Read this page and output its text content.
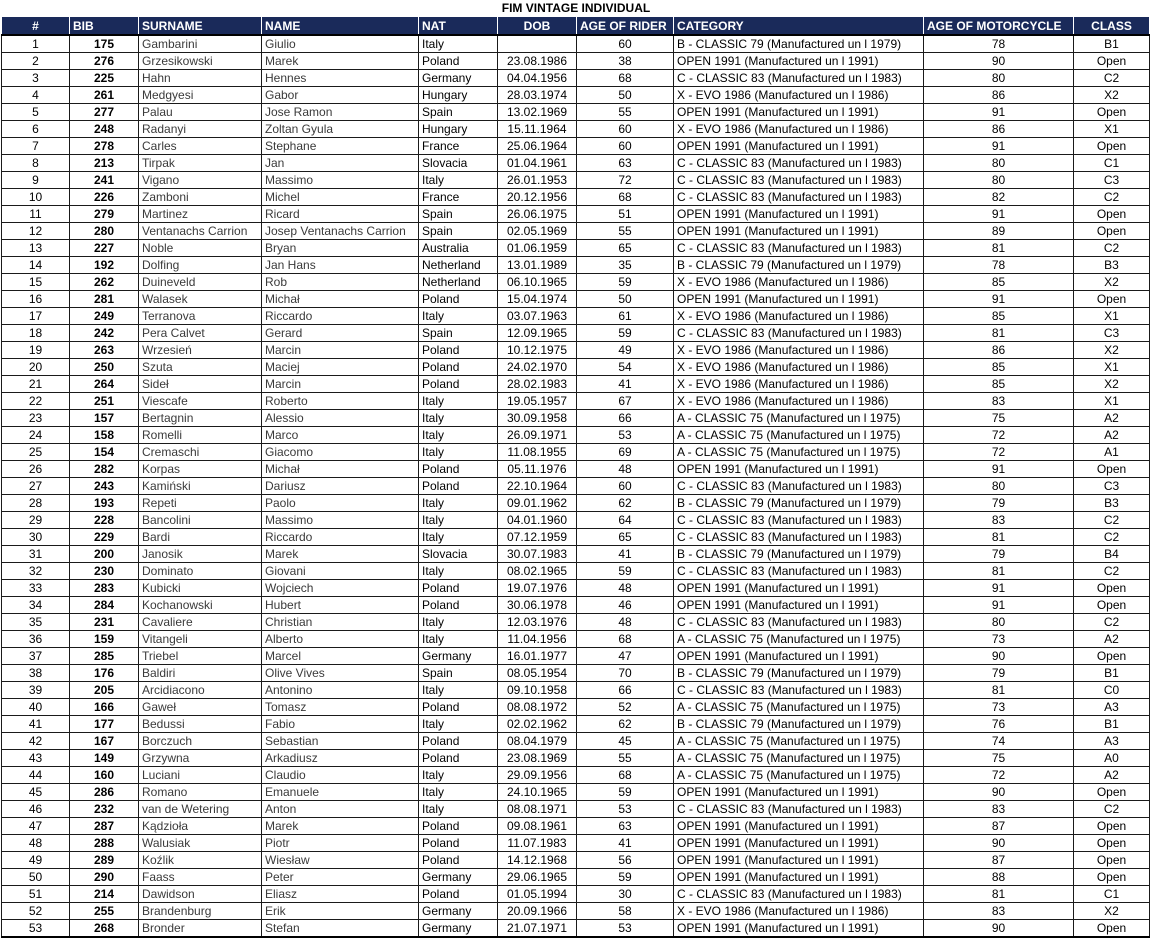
FIM VINTAGE INDIVIDUAL
#	BIB	SURNAME	NAME	NAT	DOB	AGE OF RIDER	CATEGORY	AGE OF MOTORCYCLE	CLASS
1	175	Gambarini	Giulio	Italy		60	B - CLASSIC 79 (Manufactured un l 1979)	78	B1
2	276	Grzesikowski	Marek	Poland	23.08.1986	38	OPEN 1991 (Manufactured un l 1991)	90	Open
3	225	Hahn	Hennes	Germany	04.04.1956	68	C - CLASSIC 83 (Manufactured un l 1983)	80	C2
4	261	Medgyesi	Gabor	Hungary	28.03.1974	50	X - EVO 1986 (Manufactured un l 1986)	86	X2
5	277	Palau	Jose Ramon	Spain	13.02.1969	55	OPEN 1991 (Manufactured un l 1991)	91	Open
6	248	Radanyi	Zoltan Gyula	Hungary	15.11.1964	60	X - EVO 1986 (Manufactured un l 1986)	86	X1
7	278	Carles	Stephane	France	25.06.1964	60	OPEN 1991 (Manufactured un l 1991)	91	Open
8	213	Tirpak	Jan	Slovacia	01.04.1961	63	C - CLASSIC 83 (Manufactured un l 1983)	80	C1
9	241	Vigano	Massimo	Italy	26.01.1953	72	C - CLASSIC 83 (Manufactured un l 1983)	80	C3
10	226	Zamboni	Michel	France	20.12.1956	68	C - CLASSIC 83 (Manufactured un l 1983)	82	C2
11	279	Martinez	Ricard	Spain	26.06.1975	51	OPEN 1991 (Manufactured un l 1991)	91	Open
12	280	Ventanachs Carrion	Josep Ventanachs Carrion	Spain	02.05.1969	55	OPEN 1991 (Manufactured un l 1991)	89	Open
13	227	Noble	Bryan	Australia	01.06.1959	65	C - CLASSIC 83 (Manufactured un l 1983)	81	C2
14	192	Dolfing	Jan Hans	Netherland	13.01.1989	35	B - CLASSIC 79 (Manufactured un l 1979)	78	B3
15	262	Duineveld	Rob	Netherland	06.10.1965	59	X - EVO 1986 (Manufactured un l 1986)	85	X2
16	281	Walasek	Michał	Poland	15.04.1974	50	OPEN 1991 (Manufactured un l 1991)	91	Open
17	249	Terranova	Riccardo	Italy	03.07.1963	61	X - EVO 1986 (Manufactured un l 1986)	85	X1
18	242	Pera Calvet	Gerard	Spain	12.09.1965	59	C - CLASSIC 83 (Manufactured un l 1983)	81	C3
19	263	Wrzesień	Marcin	Poland	10.12.1975	49	X - EVO 1986 (Manufactured un l 1986)	86	X2
20	250	Szuta	Maciej	Poland	24.02.1970	54	X - EVO 1986 (Manufactured un l 1986)	85	X1
21	264	Sideł	Marcin	Poland	28.02.1983	41	X - EVO 1986 (Manufactured un l 1986)	85	X2
22	251	Viescafe	Roberto	Italy	19.05.1957	67	X - EVO 1986 (Manufactured un l 1986)	83	X1
23	157	Bertagnin	Alessio	Italy	30.09.1958	66	A - CLASSIC 75 (Manufactured un l 1975)	75	A2
24	158	Romelli	Marco	Italy	26.09.1971	53	A - CLASSIC 75 (Manufactured un l 1975)	72	A2
25	154	Cremaschi	Giacomo	Italy	11.08.1955	69	A - CLASSIC 75 (Manufactured un l 1975)	72	A1
26	282	Korpas	Michał	Poland	05.11.1976	48	OPEN 1991 (Manufactured un l 1991)	91	Open
27	243	Kamiński	Dariusz	Poland	22.10.1964	60	C - CLASSIC 83 (Manufactured un l 1983)	80	C3
28	193	Repeti	Paolo	Italy	09.01.1962	62	B - CLASSIC 79 (Manufactured un l 1979)	79	B3
29	228	Bancolini	Massimo	Italy	04.01.1960	64	C - CLASSIC 83 (Manufactured un l 1983)	83	C2
30	229	Bardi	Riccardo	Italy	07.12.1959	65	C - CLASSIC 83 (Manufactured un l 1983)	81	C2
31	200	Janosik	Marek	Slovacia	30.07.1983	41	B - CLASSIC 79 (Manufactured un l 1979)	79	B4
32	230	Dominato	Giovani	Italy	08.02.1965	59	C - CLASSIC 83 (Manufactured un l 1983)	81	C2
33	283	Kubicki	Wojciech	Poland	19.07.1976	48	OPEN 1991 (Manufactured un l 1991)	91	Open
34	284	Kochanowski	Hubert	Poland	30.06.1978	46	OPEN 1991 (Manufactured un l 1991)	91	Open
35	231	Cavaliere	Christian	Italy	12.03.1976	48	C - CLASSIC 83 (Manufactured un l 1983)	80	C2
36	159	Vitangeli	Alberto	Italy	11.04.1956	68	A - CLASSIC 75 (Manufactured un l 1975)	73	A2
37	285	Triebel	Marcel	Germany	16.01.1977	47	OPEN 1991 (Manufactured un l 1991)	90	Open
38	176	Baldiri	Olive Vives	Spain	08.05.1954	70	B - CLASSIC 79 (Manufactured un l 1979)	79	B1
39	205	Arcidiacono	Antonino	Italy	09.10.1958	66	C - CLASSIC 83 (Manufactured un l 1983)	81	C0
40	166	Gaweł	Tomasz	Poland	08.08.1972	52	A - CLASSIC 75 (Manufactured un l 1975)	73	A3
41	177	Bedussi	Fabio	Italy	02.02.1962	62	B - CLASSIC 79 (Manufactured un l 1979)	76	B1
42	167	Borczuch	Sebastian	Poland	08.04.1979	45	A - CLASSIC 75 (Manufactured un l 1975)	74	A3
43	149	Grzywna	Arkadiusz	Poland	23.08.1969	55	A - CLASSIC 75 (Manufactured un l 1975)	75	A0
44	160	Luciani	Claudio	Italy	29.09.1956	68	A - CLASSIC 75 (Manufactured un l 1975)	72	A2
45	286	Romano	Emanuele	Italy	24.10.1965	59	OPEN 1991 (Manufactured un l 1991)	90	Open
46	232	van de Wetering	Anton	Italy	08.08.1971	53	C - CLASSIC 83 (Manufactured un l 1983)	83	C2
47	287	Kądzioła	Marek	Poland	09.08.1961	63	OPEN 1991 (Manufactured un l 1991)	87	Open
48	288	Walusiak	Piotr	Poland	11.07.1983	41	OPEN 1991 (Manufactured un l 1991)	90	Open
49	289	Koźlik	Wiesław	Poland	14.12.1968	56	OPEN 1991 (Manufactured un l 1991)	87	Open
50	290	Faass	Peter	Germany	29.06.1965	59	OPEN 1991 (Manufactured un l 1991)	88	Open
51	214	Dawidson	Eliasz	Poland	01.05.1994	30	C - CLASSIC 83 (Manufactured un l 1983)	81	C1
52	255	Brandenburg	Erik	Germany	20.09.1966	58	X - EVO 1986 (Manufactured un l 1986)	83	X2
53	268	Bronder	Stefan	Germany	21.07.1971	53	OPEN 1991 (Manufactured un l 1991)	90	Open
